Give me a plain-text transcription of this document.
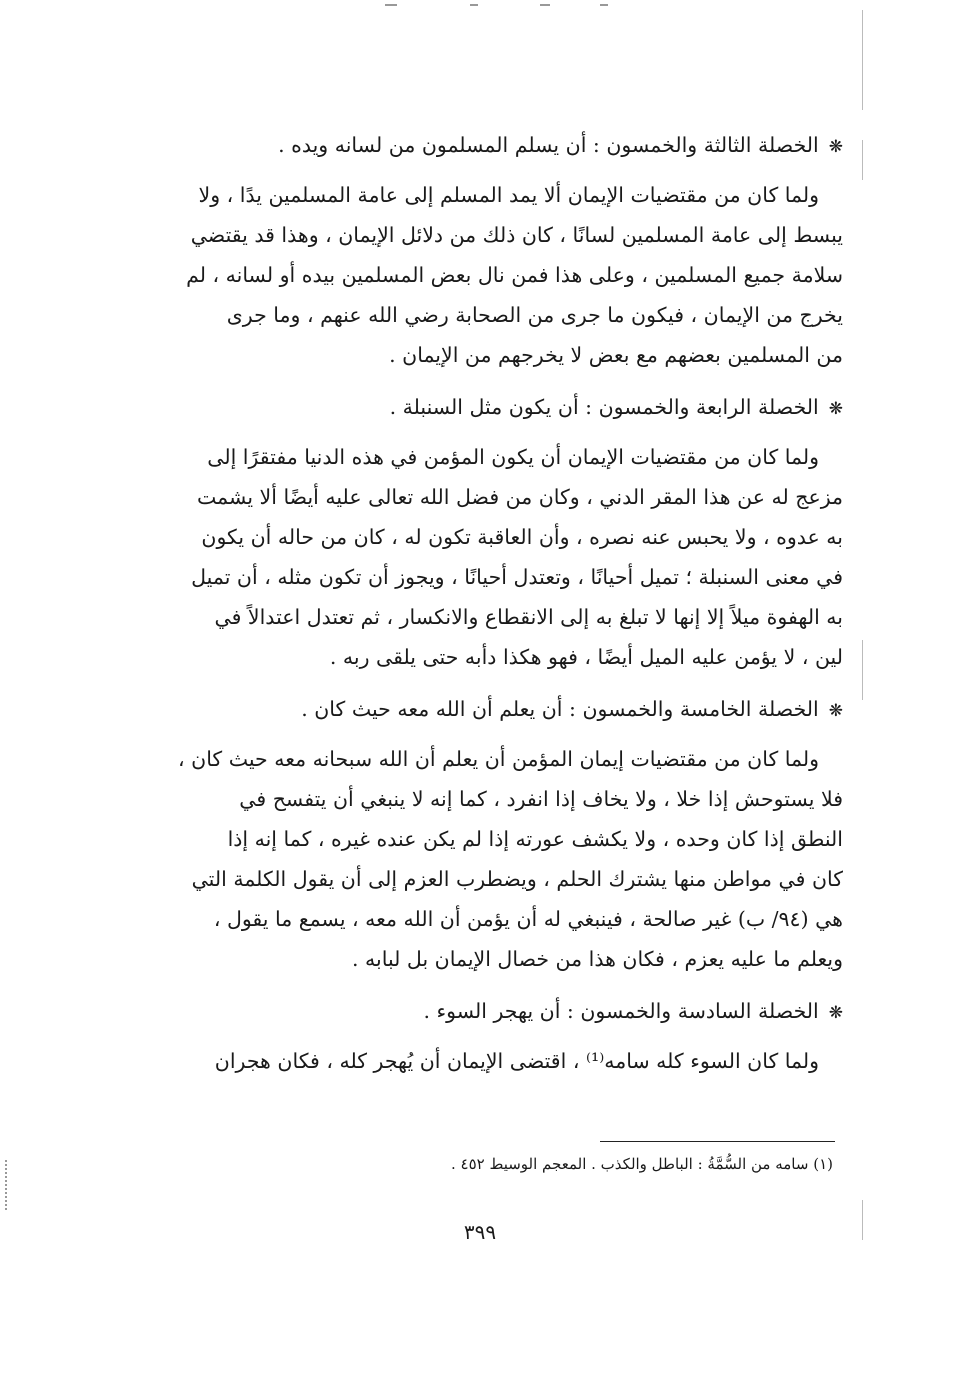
❋الخصلة الثالثة والخمسون : أن يسلم المسلمون من لسانه ويده .
ولما كان من مقتضيات الإيمان ألا يمد المسلم إلى عامة المسلمين يدًا ، ولا
يبسط إلى عامة المسلمين لسانًا ، كان ذلك من دلائل الإيمان ، وهذا قد يقتضي
سلامة جميع المسلمين ، وعلى هذا فمن نال بعض المسلمين بيده أو لسانه ، لم
يخرج من الإيمان ، فيكون ما جرى من الصحابة رضي الله عنهم ، وما جرى
من المسلمين بعضهم مع بعض لا يخرجهم من الإيمان .
❋الخصلة الرابعة والخمسون : أن يكون مثل السنبلة .
ولما كان من مقتضيات الإيمان أن يكون المؤمن في هذه الدنيا مفتقرًا إلى
مزعج له عن هذا المقر الدني ، وكان من فضل الله تعالى عليه أيضًا ألا يشمت
به عدوه ، ولا يحبس عنه نصره ، وأن العاقبة تكون له ، كان من حاله أن يكون
في معنى السنبلة ؛ تميل أحيانًا ، وتعتدل أحيانًا ، ويجوز أن تكون مثله ، أن تميل
به الهفوة ميلاً إلا إنها لا تبلغ به إلى الانقطاع والانكسار ، ثم تعتدل اعتدالاً في
لين ، لا يؤمن عليه الميل أيضًا ، فهو هكذا دأبه حتى يلقى ربه .
❋الخصلة الخامسة والخمسون : أن يعلم أن الله معه حيث كان .
ولما كان من مقتضيات إيمان المؤمن أن يعلم أن الله سبحانه معه حيث كان ،
فلا يستوحش إذا خلا ، ولا يخاف إذا انفرد ، كما إنه لا ينبغي أن يتفسح في
النطق إذا كان وحده ، ولا يكشف عورته إذا لم يكن عنده غيره ، كما إنه إذا
كان في مواطن منها يشترك الحلم ، ويضطرب العزم إلى أن يقول الكلمة التي
هي (٩٤/ ب) غير صالحة ، فينبغي له أن يؤمن أن الله معه ، يسمع ما يقول ،
ويعلم ما عليه يعزم ، فكان هذا من خصال الإيمان بل لبابه .
❋الخصلة السادسة والخمسون : أن يهجر السوء .
ولما كان السوء كله سامه⁽¹⁾ ، اقتضى الإيمان أن يُهجر كله ، فكان هجران
(١) سامه من السُّمَّةُ : الباطل والكذب . المعجم الوسيط ٤٥٢ .
٣٩٩
